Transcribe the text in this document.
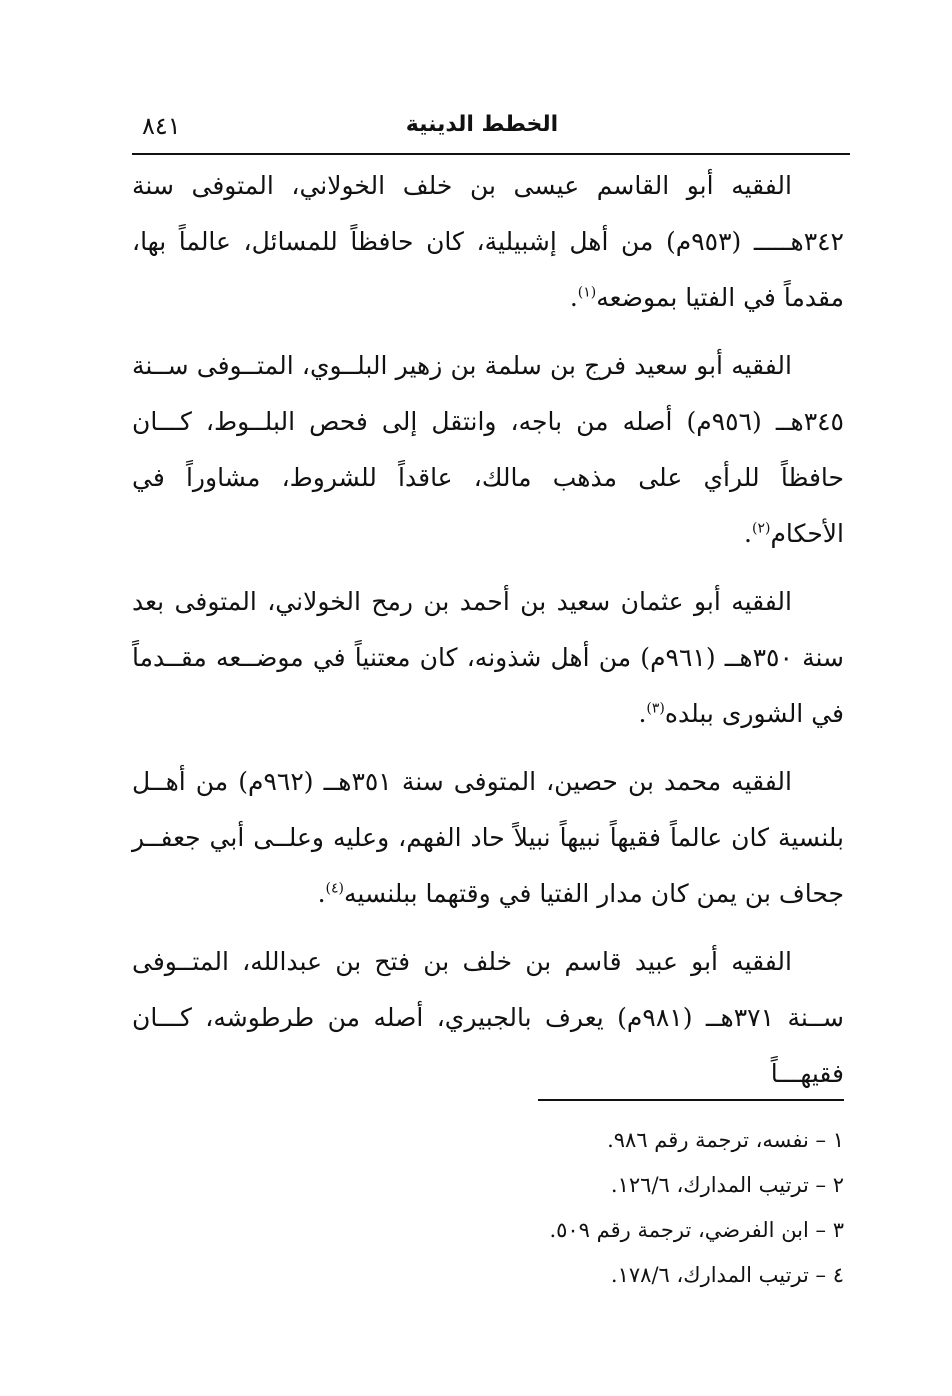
٨٤١	الخطط الدينية

الفقيه أبو القاسم عيسى بن خلف الخولاني، المتوفى سنة ٣٤٢هـــــ (٩٥٣م) من أهل إشبيلية، كان حافظاً للمسائل، عالماً بها، مقدماً في الفتيا بموضعه$^{(١)}$.

الفقيه أبو سعيد فرج بن سلمة بن زهير البلــوي، المتــوفى ســنة ٣٤٥هــ (٩٥٦م) أصله من باجه، وانتقل إلى فحص البلــوط، كـــان حافظاً للرأي على مذهب مالك، عاقداً للشروط، مشاوراً في الأحكام$^{(٢)}$.

الفقيه أبو عثمان سعيد بن أحمد بن رمح الخولاني، المتوفى بعد سنة ٣٥٠هــ (٩٦١م) من أهل شذونه، كان معتنياً في موضــعه مقــدماً في الشورى ببلده$^{(٣)}$.

الفقيه محمد بن حصين، المتوفى سنة ٣٥١هــ (٩٦٢م) من أهــل بلنسية كان عالماً فقيهاً نبيهاً نبيلاً حاد الفهم، وعليه وعلــى أبي جعفــر جحاف بن يمن كان مدار الفتيا في وقتهما ببلنسيه$^{(٤)}$.

الفقيه أبو عبيد قاسم بن خلف بن فتح بن عبدالله، المتــوفى ســنة ٣٧١هــ (٩٨١م) يعرف بالجبيري، أصله من طرطوشه، كـــان فقيهـــاً

١ – نفسه، ترجمة رقم ٩٨٦.

٢ – ترتيب المدارك، ١٢٦/٦.

٣ – ابن الفرضي، ترجمة رقم ٥٠٩.

٤ – ترتيب المدارك، ١٧٨/٦.
